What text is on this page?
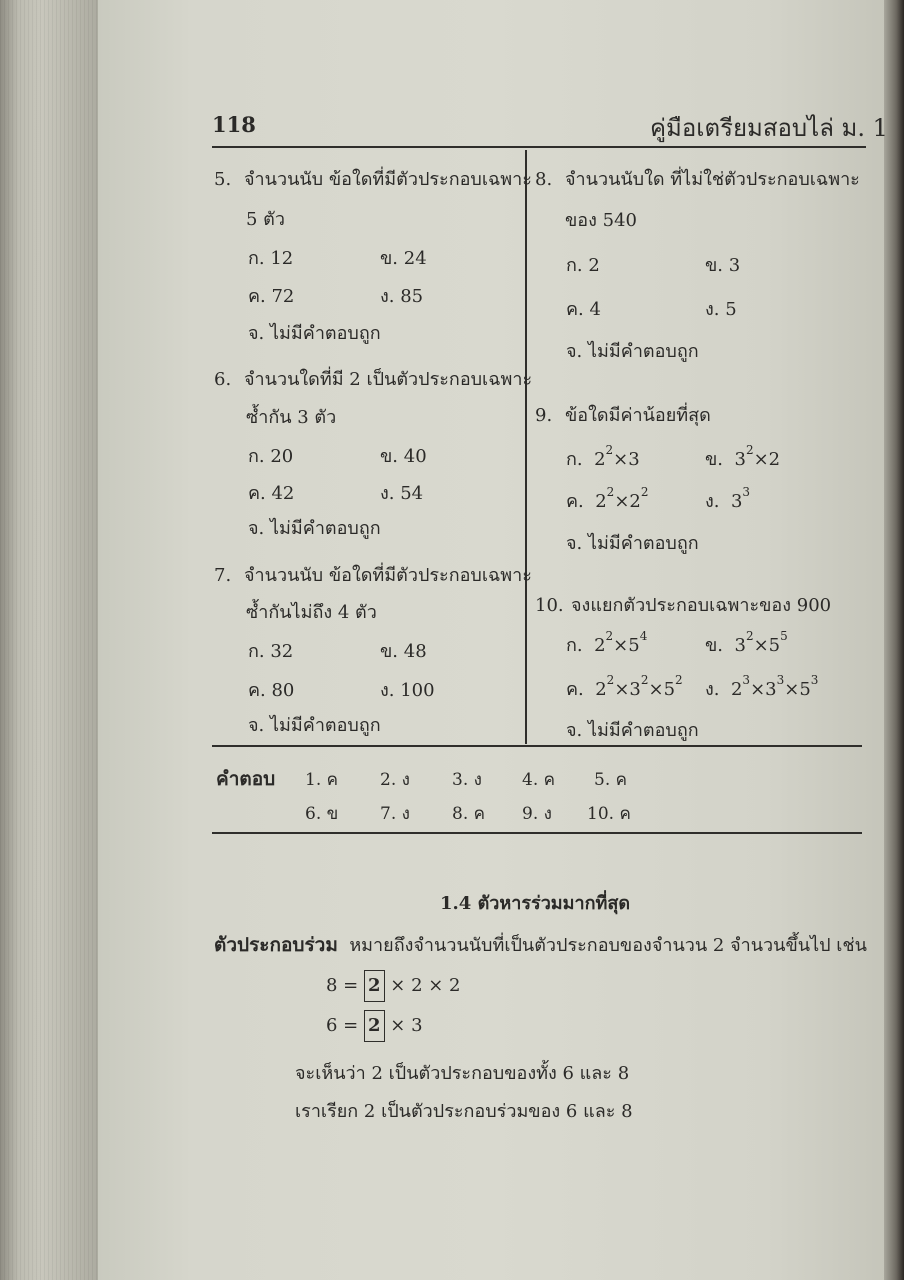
118	คู่มือเตรียมสอบไล่ ม. 1
5. จำนวนนับ ข้อใดที่มีตัวประกอบเฉพาะ
5 ตัว
ก. 12	ข. 24
ค. 72	ง. 85
จ. ไม่มีคำตอบถูก
6. จำนวนใดที่มี 2 เป็นตัวประกอบเฉพาะ
ซ้ำกัน 3 ตัว
ก. 20	ข. 40
ค. 42	ง. 54
จ. ไม่มีคำตอบถูก
7. จำนวนนับ ข้อใดที่มีตัวประกอบเฉพาะ
ซ้ำกันไม่ถึง 4 ตัว
ก. 32	ข. 48
ค. 80	ง. 100
จ. ไม่มีคำตอบถูก
8. จำนวนนับใด ที่ไม่ใช่ตัวประกอบเฉพาะ
ของ 540
ก. 2	ข. 3
ค. 4	ง. 5
จ. ไม่มีคำตอบถูก
9. ข้อใดมีค่าน้อยที่สุด
ก.  $2^2\times 3$	ข.  $3^2\times 2$
ค.  $2^2\times 2^2$	ง.  $3^3$
จ. ไม่มีคำตอบถูก
10. จงแยกตัวประกอบเฉพาะของ 900
ก.  $2^2\times 5^4$	ข.  $3^2\times 5^5$
ค.  $2^2\times 3^2\times 5^2$ ง.  $2^3\times 3^3\times 5^3$
จ. ไม่มีคำตอบถูก
คำตอบ 1. ค 2. ง 3. ง 4. ค 5. ค
6. ข 7. ง 8. ค 9. ง 10. ค
1.4 ตัวหารร่วมมากที่สุด
ตัวประกอบร่วม หมายถึงจำนวนนับที่เป็นตัวประกอบของจำนวน 2 จำนวนขึ้นไป เช่น
8 = 2 × 2 × 2
6 = 2 × 3
จะเห็นว่า 2 เป็นตัวประกอบของทั้ง 6 และ 8
เราเรียก 2 เป็นตัวประกอบร่วมของ 6 และ 8
